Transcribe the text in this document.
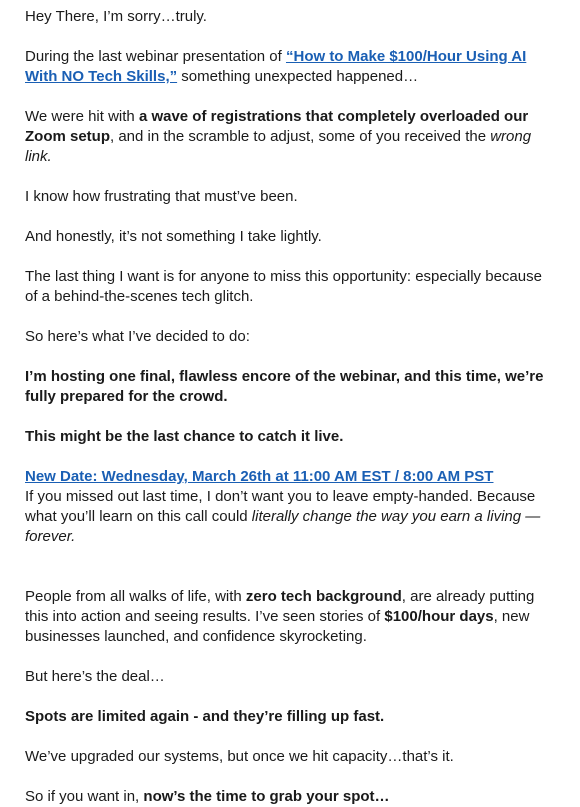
Hey There, I’m sorry…truly.

During the last webinar presentation of “How to Make $100/Hour Using AI With NO Tech Skills,” something unexpected happened…

We were hit with a wave of registrations that completely overloaded our Zoom setup, and in the scramble to adjust, some of you received the wrong link.

I know how frustrating that must’ve been.

And honestly, it’s not something I take lightly.

The last thing I want is for anyone to miss this opportunity: especially because of a behind-the-scenes tech glitch.

So here’s what I’ve decided to do:

I’m hosting one final, flawless encore of the webinar, and this time, we’re fully prepared for the crowd.

This might be the last chance to catch it live.

New Date: Wednesday, March 26th at 11:00 AM EST / 8:00 AM PST

If you missed out last time, I don’t want you to leave empty-handed. Because what you’ll learn on this call could literally change the way you earn a living — forever.

People from all walks of life, with zero tech background, are already putting this into action and seeing results. I’ve seen stories of $100/hour days, new businesses launched, and confidence skyrocketing.

But here’s the deal…

Spots are limited again - and they’re filling up fast.

We’ve upgraded our systems, but once we hit capacity…that’s it.

So if you want in, now’s the time to grab your spot…
